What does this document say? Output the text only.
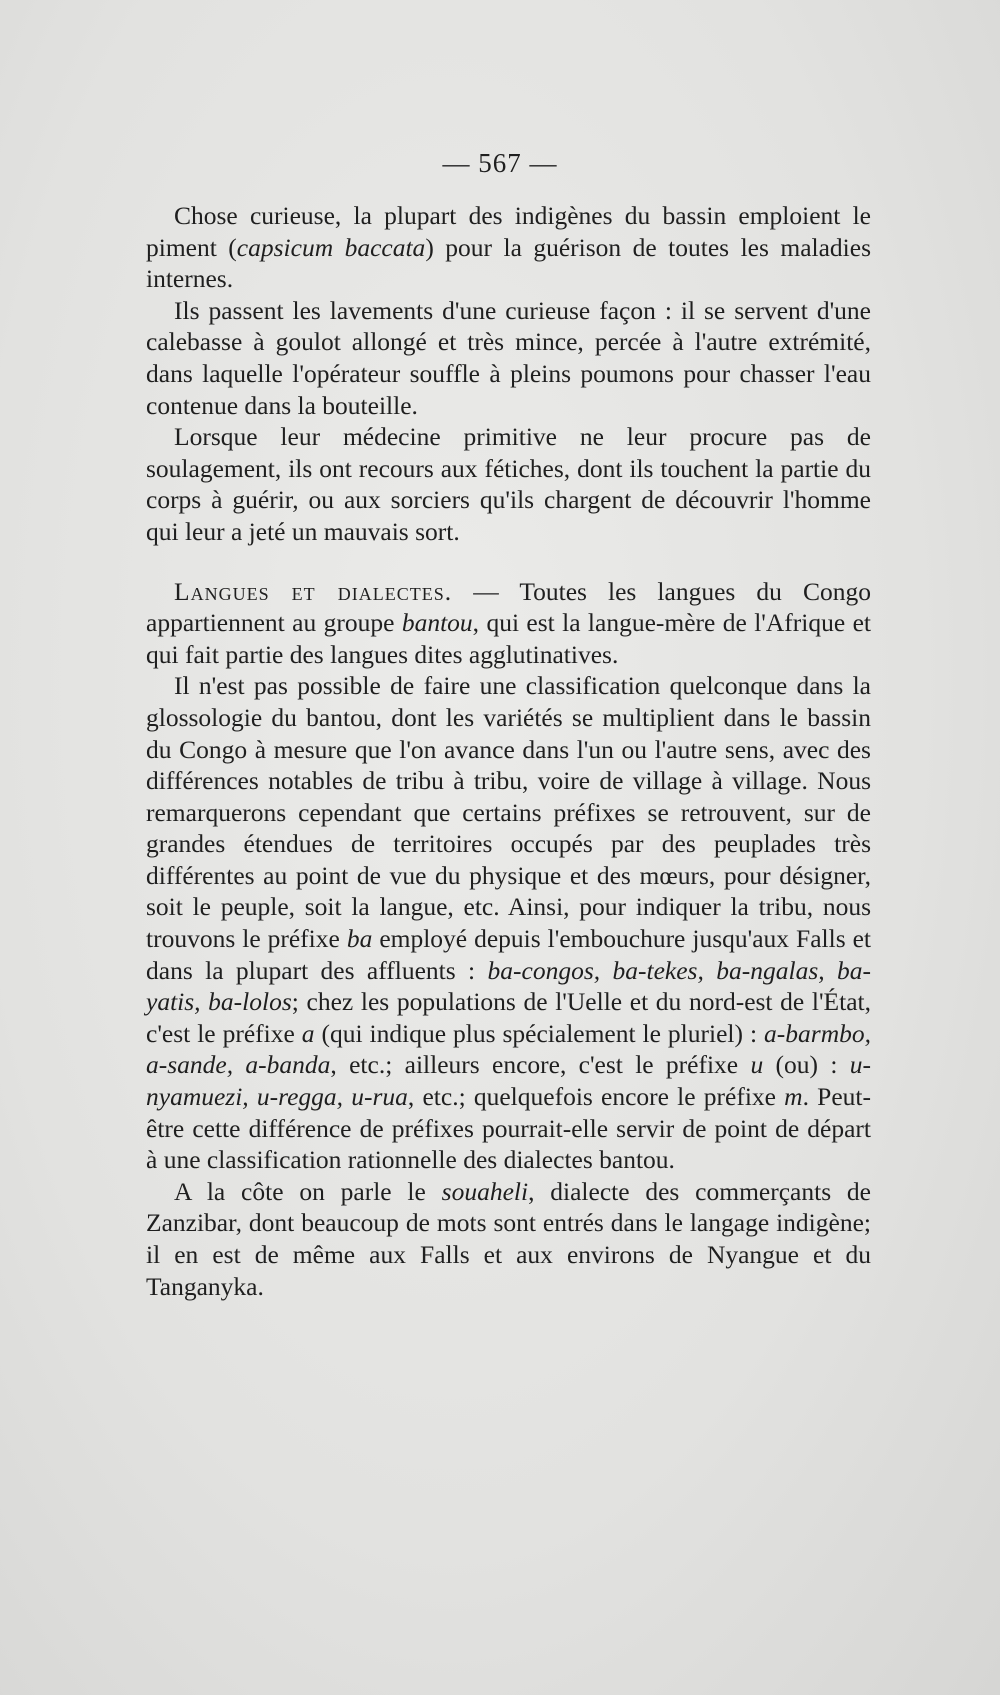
— 567 —

Chose curieuse, la plupart des indigènes du bassin emploient le piment (capsicum baccata) pour la guérison de toutes les maladies internes.

Ils passent les lavements d'une curieuse façon : il se servent d'une calebasse à goulot allongé et très mince, percée à l'autre extrémité, dans laquelle l'opérateur souffle à pleins poumons pour chasser l'eau contenue dans la bouteille.

Lorsque leur médecine primitive ne leur procure pas de soulagement, ils ont recours aux fétiches, dont ils touchent la partie du corps à guérir, ou aux sorciers qu'ils chargent de découvrir l'homme qui leur a jeté un mauvais sort.

Langues et dialectes. — Toutes les langues du Congo appartiennent au groupe bantou, qui est la langue-mère de l'Afrique et qui fait partie des langues dites agglutinatives.

Il n'est pas possible de faire une classification quelconque dans la glossologie du bantou, dont les variétés se multiplient dans le bassin du Congo à mesure que l'on avance dans l'un ou l'autre sens, avec des différences notables de tribu à tribu, voire de village à village. Nous remarquerons cependant que certains préfixes se retrouvent, sur de grandes étendues de territoires occupés par des peuplades très différentes au point de vue du physique et des mœurs, pour désigner, soit le peuple, soit la langue, etc. Ainsi, pour indiquer la tribu, nous trouvons le préfixe ba employé depuis l'embouchure jusqu'aux Falls et dans la plupart des affluents : ba-congos, ba-tekes, ba-ngalas, ba-yatis, ba-lolos; chez les populations de l'Uelle et du nord-est de l'État, c'est le préfixe a (qui indique plus spécialement le pluriel) : a-barmbo, a-sande, a-banda, etc.; ailleurs encore, c'est le préfixe u (ou) : u-nyamuezi, u-regga, u-rua, etc.; quelquefois encore le préfixe m. Peut-être cette différence de préfixes pourrait-elle servir de point de départ à une classification rationnelle des dialectes bantou.

A la côte on parle le souaheli, dialecte des commerçants de Zanzibar, dont beaucoup de mots sont entrés dans le langage indigène; il en est de même aux Falls et aux environs de Nyangue et du Tanganyka.
